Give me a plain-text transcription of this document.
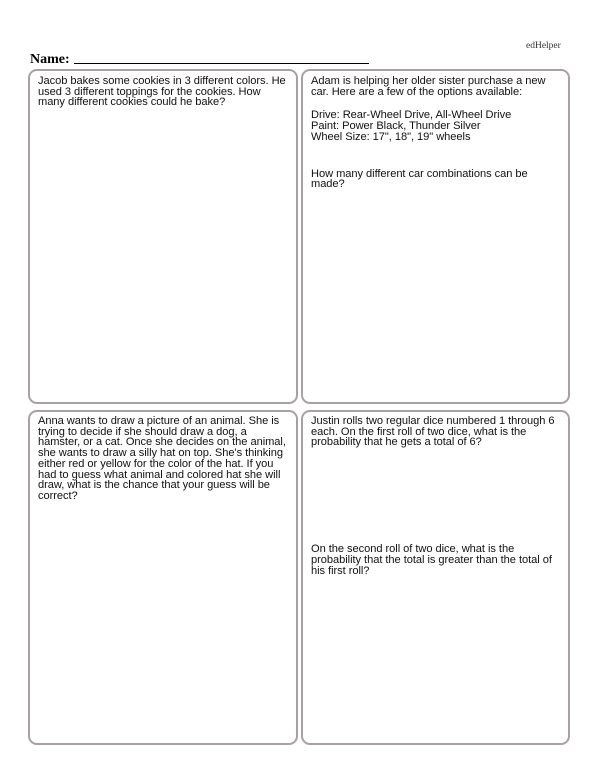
edHelper
Name:

Jacob bakes some cookies in 3 different colors. He
used 3 different toppings for the cookies. How
many different cookies could he bake?

Adam is helping her older sister purchase a new
car. Here are a few of the options available:

Drive: Rear-Wheel Drive, All-Wheel Drive
Paint: Power Black, Thunder Silver
Wheel Size: 17", 18", 19" wheels

How many different car combinations can be
made?

Anna wants to draw a picture of an animal. She is
trying to decide if she should draw a dog, a
hamster, or a cat. Once she decides on the animal,
she wants to draw a silly hat on top. She's thinking
either red or yellow for the color of the hat. If you
had to guess what animal and colored hat she will
draw, what is the chance that your guess will be
correct?

Justin rolls two regular dice numbered 1 through 6
each. On the first roll of two dice, what is the
probability that he gets a total of 6?

On the second roll of two dice, what is the
probability that the total is greater than the total of
his first roll?
